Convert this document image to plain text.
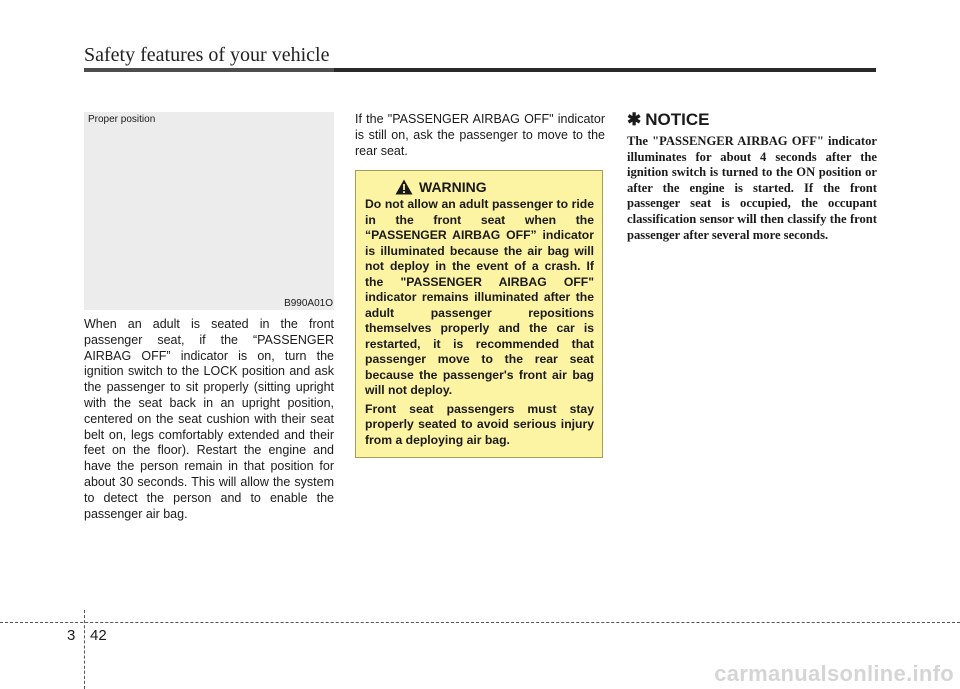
Safety features of your vehicle
Proper position
B990A01O
When an adult is seated in the front passenger seat, if the “PASSENGER AIRBAG OFF” indicator is on, turn the ignition switch to the LOCK position and ask the passenger to sit properly (sitting upright with the seat back in an upright position, centered on the seat cushion with their seat belt on, legs comfortably extended and their feet on the floor). Restart the engine and have the person remain in that position for about 30 seconds. This will allow the system to detect the person and to enable the passenger air bag.
If the "PASSENGER AIRBAG OFF" indicator is still on, ask the passenger to move to the rear seat.
WARNING

Do not allow an adult passenger to ride in the front seat when the “PASSENGER AIRBAG OFF” indicator is illuminated because the air bag will not deploy in the event of a crash. If the "PASSENGER AIRBAG OFF" indicator remains illuminated after the adult passenger repositions themselves properly and the car is restarted, it is recommended that passenger move to the rear seat because the passenger's front air bag will not deploy.

Front seat passengers must stay properly seated to avoid serious injury from a deploying air bag.

✱ NOTICE
The "PASSENGER AIRBAG OFF" indicator illuminates for about 4 seconds after the ignition switch is turned to the ON position or after the engine is started. If the front passenger seat is occupied, the occupant classification sensor will then classify the front passenger after several more seconds.
3 42
carmanualsonline.info
